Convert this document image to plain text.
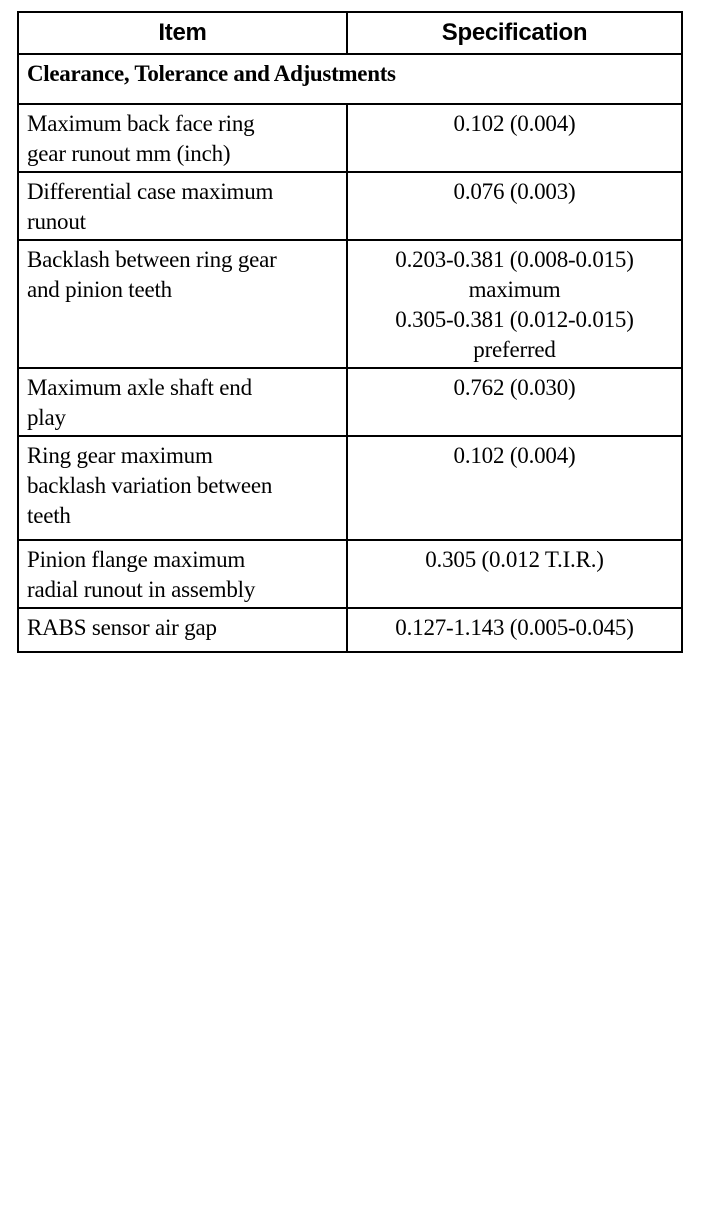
Item	Specification
Clearance, Tolerance and Adjustments	

Maximum back face ring
gear runout mm (inch)	0.102 (0.004)

Differential case maximum
runout	0.076 (0.003)

Backlash between ring gear
and pinion teeth	0.203-0.381 (0.008-0.015)
maximum
0.305-0.381 (0.012-0.015)
preferred

Maximum axle shaft end
play	0.762 (0.030)

Ring gear maximum
backlash variation between
teeth	0.102 (0.004)

Pinion flange maximum
radial runout in assembly	0.305 (0.012 T.I.R.)

RABS sensor air gap	0.127-1.143 (0.005-0.045)
